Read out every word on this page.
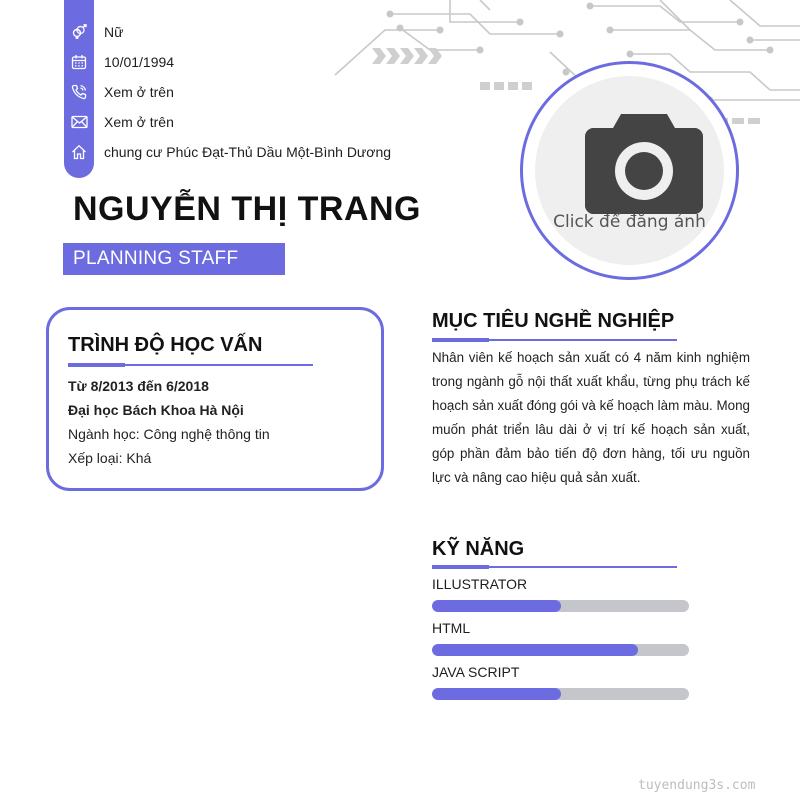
Nữ
10/01/1994
Xem ở trên
Xem ở trên
chung cư Phúc Đạt-Thủ Dầu Một-Bình Dương
NGUYỄN THỊ TRANG
PLANNING STAFF
Click để đăng ảnh
TRÌNH ĐỘ HỌC VẤN
Từ 8/2013 đến 6/2018
Đại học Bách Khoa Hà Nội
Ngành học: Công nghệ thông tin
Xếp loại: Khá
MỤC TIÊU NGHỀ NGHIỆP
Nhân viên kế hoạch sản xuất có 4 năm kinh nghiệm trong ngành gỗ nội thất xuất khẩu, từng phụ trách kế hoạch sản xuất đóng gói và kế hoạch làm màu. Mong muốn phát triển lâu dài ở vị trí kế hoạch sản xuất, góp phần đảm bảo tiến độ đơn hàng, tối ưu nguồn lực và nâng cao hiệu quả sản xuất.
KỸ NĂNG
ILLUSTRATOR
HTML
JAVA SCRIPT
tuyendung3s.com
